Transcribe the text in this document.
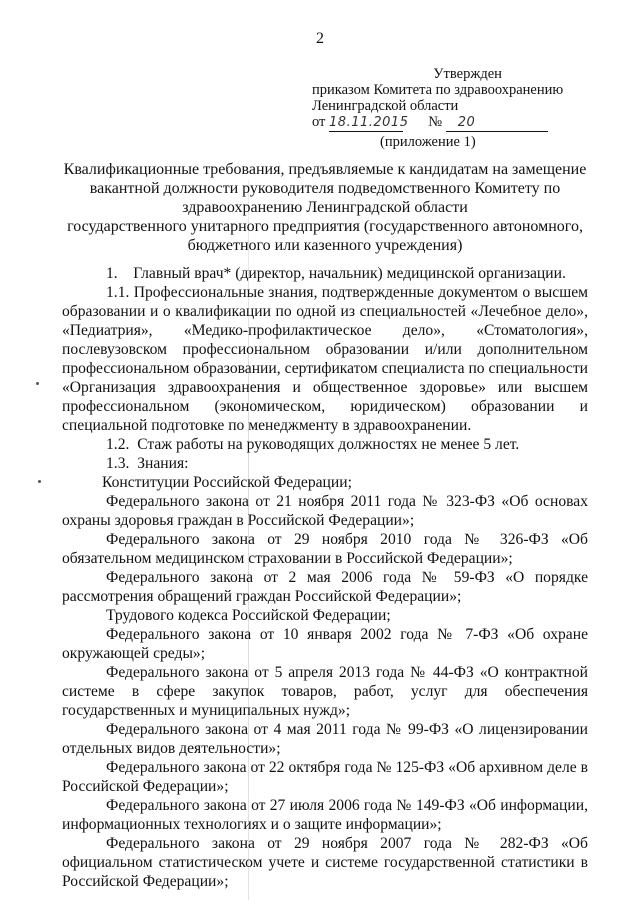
2
Утвержден
приказом Комитета по здравоохранению
Ленинградской области
от 18.11.2015 № 20
(приложение 1)
Квалификационные требования, предъявляемые к кандидатам на замещение
вакантной должности руководителя подведомственного Комитету по
здравоохранению Ленинградской области
государственного унитарного предприятия (государственного автономного,
бюджетного или казенного учреждения)

1.    Главный врач* (директор, начальник) медицинской организации.

1.1. Профессиональные знания, подтвержденные документом о высшем образовании и о квалификации по одной из специальностей «Лечебное дело», «Педиатрия», «Медико-профилактическое дело», «Стоматология», послевузовском профессиональном образовании и/или дополнительном профессиональном образовании, сертификатом специалиста по специальности «Организация здравоохранения и общественное здоровье» или высшем профессиональном (экономическом, юридическом) образовании и специальной подготовке по менеджменту в здравоохранении.

1.2.  Стаж работы на руководящих должностях не менее 5 лет.

1.3.  Знания:

Конституции Российской Федерации;

Федерального закона от 21 ноября 2011 года № 323-ФЗ «Об основах охраны здоровья граждан в Российской Федерации»;

Федерального закона от 29 ноября 2010 года № 326-ФЗ «Об обязательном медицинском страховании в Российской Федерации»;

Федерального закона от 2 мая 2006 года № 59-ФЗ «О порядке рассмотрения обращений граждан Российской Федерации»;

Трудового кодекса Российской Федерации;

Федерального закона от 10 января 2002 года № 7-ФЗ «Об охране окружающей среды»;

Федерального закона от 5 апреля 2013 года № 44-ФЗ «О контрактной системе в сфере закупок товаров, работ, услуг для обеспечения государственных и муниципальных нужд»;

Федерального закона от 4 мая 2011 года № 99-ФЗ «О лицензировании отдельных видов деятельности»;

Федерального закона от 22 октября года № 125-ФЗ «Об архивном деле в Российской Федерации»;

Федерального закона от 27 июля 2006 года № 149-ФЗ «Об информации, информационных технологиях и о защите информации»;

Федерального закона от 29 ноября 2007 года № 282-ФЗ «Об официальном статистическом учете и системе государственной статистики в Российской Федерации»;
